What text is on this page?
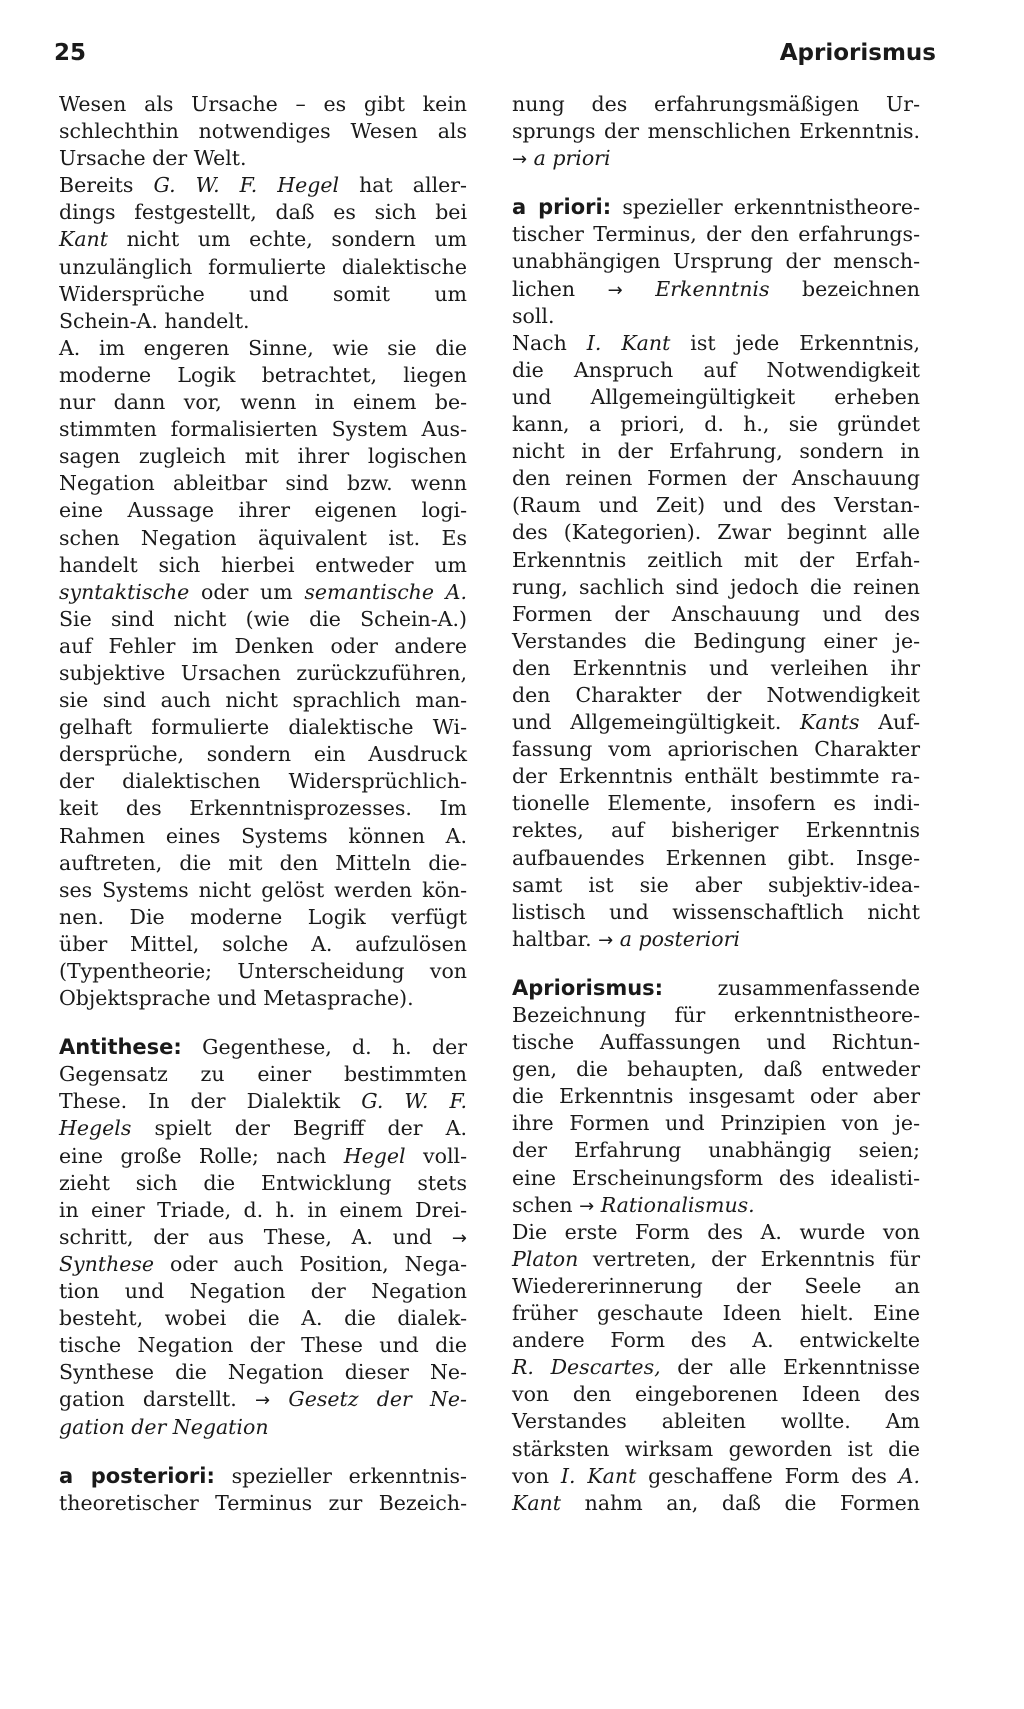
25	Apriorismus
Wesen als Ursache – es gibt kein
schlechthin notwendiges Wesen als
Ursache der Welt.
Bereits G. W. F. Hegel hat aller-
dings festgestellt, daß es sich bei
Kant nicht um echte, sondern um
unzulänglich formulierte dialektische
Widersprüche und somit um
Schein-A. handelt.
A. im engeren Sinne, wie sie die
moderne Logik betrachtet, liegen
nur dann vor, wenn in einem be-
stimmten formalisierten System Aus-
sagen zugleich mit ihrer logischen
Negation ableitbar sind bzw. wenn
eine Aussage ihrer eigenen logi-
schen Negation äquivalent ist. Es
handelt sich hierbei entweder um
syntaktische oder um semantische A.
Sie sind nicht (wie die Schein-A.)
auf Fehler im Denken oder andere
subjektive Ursachen zurückzuführen,
sie sind auch nicht sprachlich man-
gelhaft formulierte dialektische Wi-
dersprüche, sondern ein Ausdruck
der dialektischen Widersprüchlich-
keit des Erkenntnisprozesses. Im
Rahmen eines Systems können A.
auftreten, die mit den Mitteln die-
ses Systems nicht gelöst werden kön-
nen. Die moderne Logik verfügt
über Mittel, solche A. aufzulösen
(Typentheorie; Unterscheidung von
Objektsprache und Metasprache).
Antithese: Gegenthese, d. h. der
Gegensatz zu einer bestimmten
These. In der Dialektik G. W. F.
Hegels spielt der Begriff der A.
eine große Rolle; nach Hegel voll-
zieht sich die Entwicklung stets
in einer Triade, d. h. in einem Drei-
schritt, der aus These, A. und →
Synthese oder auch Position, Nega-
tion und Negation der Negation
besteht, wobei die A. die dialek-
tische Negation der These und die
Synthese die Negation dieser Ne-
gation darstellt. → Gesetz der Ne-
gation der Negation
a posteriori: spezieller erkenntnis-
theoretischer Terminus zur Bezeich-
nung des erfahrungsmäßigen Ur-
sprungs der menschlichen Erkenntnis.
→ a priori
a priori: spezieller erkenntnistheore-
tischer Terminus, der den erfahrungs-
unabhängigen Ursprung der mensch-
lichen → Erkenntnis bezeichnen
soll.
Nach I. Kant ist jede Erkenntnis,
die Anspruch auf Notwendigkeit
und Allgemeingültigkeit erheben
kann, a priori, d. h., sie gründet
nicht in der Erfahrung, sondern in
den reinen Formen der Anschauung
(Raum und Zeit) und des Verstan-
des (Kategorien). Zwar beginnt alle
Erkenntnis zeitlich mit der Erfah-
rung, sachlich sind jedoch die reinen
Formen der Anschauung und des
Verstandes die Bedingung einer je-
den Erkenntnis und verleihen ihr
den Charakter der Notwendigkeit
und Allgemeingültigkeit. Kants Auf-
fassung vom apriorischen Charakter
der Erkenntnis enthält bestimmte ra-
tionelle Elemente, insofern es indi-
rektes, auf bisheriger Erkenntnis
aufbauendes Erkennen gibt. Insge-
samt ist sie aber subjektiv-idea-
listisch und wissenschaftlich nicht
haltbar. → a posteriori
Apriorismus: zusammenfassende
Bezeichnung für erkenntnistheore-
tische Auffassungen und Richtun-
gen, die behaupten, daß entweder
die Erkenntnis insgesamt oder aber
ihre Formen und Prinzipien von je-
der Erfahrung unabhängig seien;
eine Erscheinungsform des idealisti-
schen → Rationalismus.
Die erste Form des A. wurde von
Platon vertreten, der Erkenntnis für
Wiedererinnerung der Seele an
früher geschaute Ideen hielt. Eine
andere Form des A. entwickelte
R. Descartes, der alle Erkenntnisse
von den eingeborenen Ideen des
Verstandes ableiten wollte. Am
stärksten wirksam geworden ist die
von I. Kant geschaffene Form des A.
Kant nahm an, daß die Formen
